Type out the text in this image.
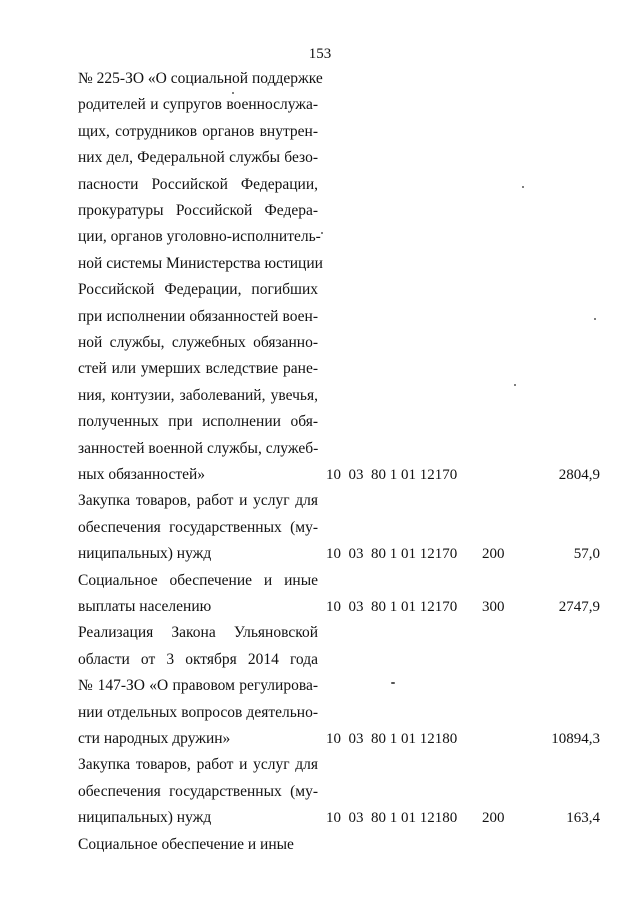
153
№ 225-ЗО «О социальной поддержке
родителей и супругов военнослужа-
щих, сотрудников органов внутрен-
них дел, Федеральной службы безо-
пасности Российской Федерации,
прокуратуры Российской Федера-
ции, органов уголовно-исполнитель-
ной системы Министерства юстиции
Российской Федерации, погибших
при исполнении обязанностей воен-
ной службы, служебных обязанно-
стей или умерших вследствие ране-
ния, контузии, заболеваний, увечья,
полученных при исполнении обя-
занностей военной службы, служеб-
ных обязанностей»	10  03  80 1 01 12170	2804,9
Закупка товаров, работ и услуг для
обеспечения государственных (му-
ниципальных) нужд	10  03  80 1 01 12170 200	57,0
Социальное обеспечение и иные
выплаты населению	10  03  80 1 01 12170 300	2747,9
Реализация Закона Ульяновской
области от 3 октября 2014 года
№ 147-ЗО «О правовом регулирова-
нии отдельных вопросов деятельно-
сти народных дружин»	10  03  80 1 01 12180	10894,3
Закупка товаров, работ и услуг для
обеспечения государственных (му-
ниципальных) нужд	10  03  80 1 01 12180 200	163,4
Социальное обеспечение и иные
